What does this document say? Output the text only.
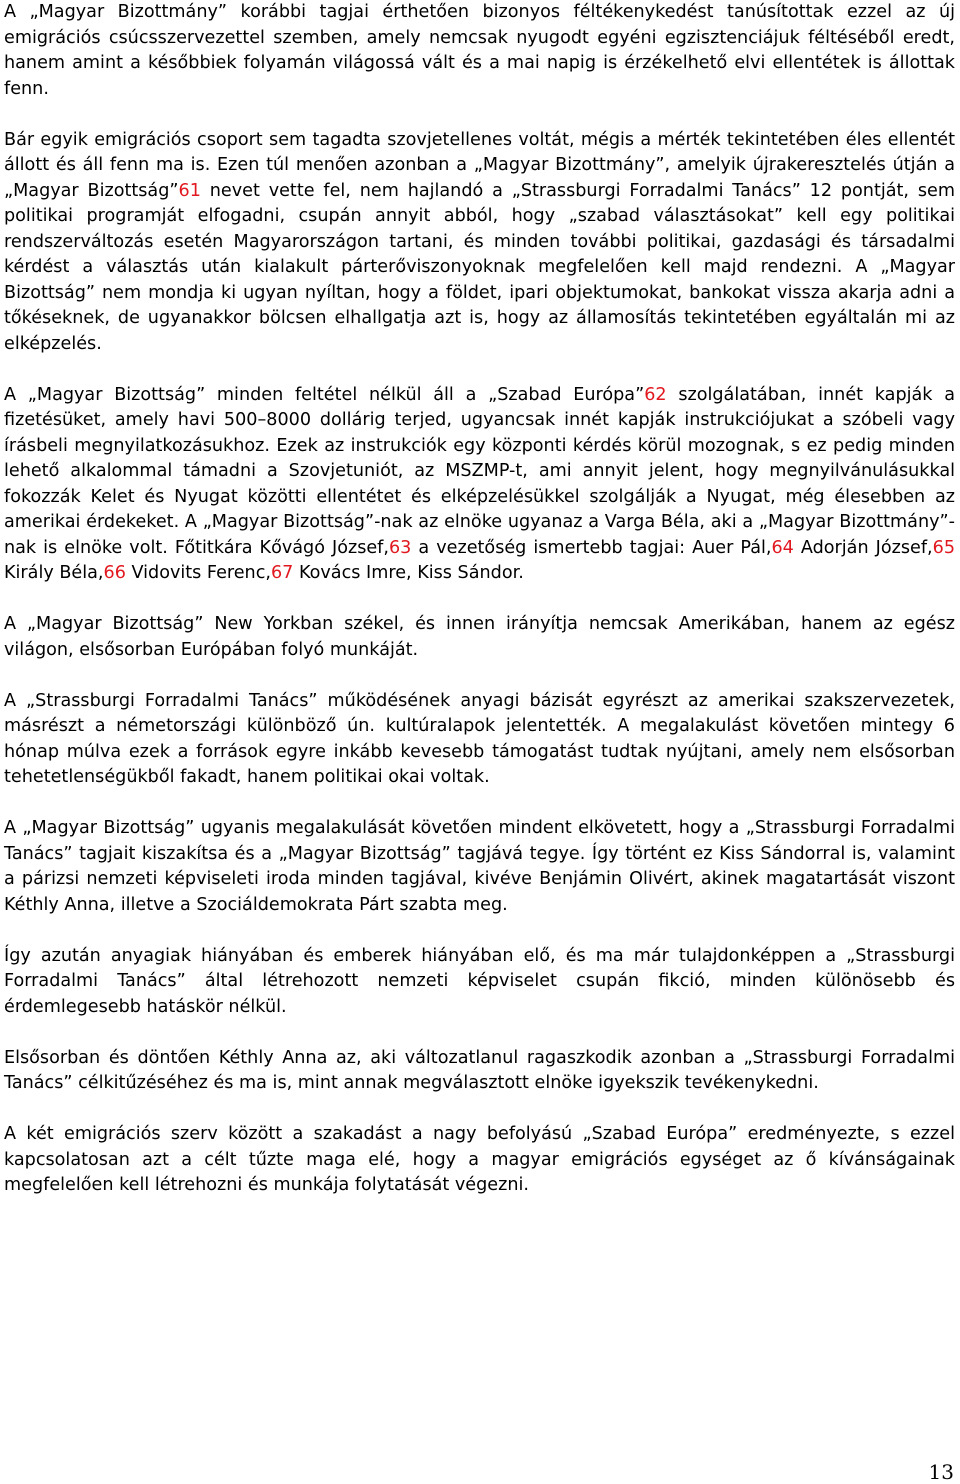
A „Magyar Bizottmány” korábbi tagjai érthetően bizonyos féltékenykedést tanúsítottak ezzel az új emigrációs csúcsszervezettel szemben, amely nemcsak nyugodt egyéni egzisztenciájuk féltéséből eredt, hanem amint a későbbiek folyamán világossá vált és a mai napig is érzékelhető elvi ellentétek is állottak fenn.

Bár egyik emigrációs csoport sem tagadta szovjetellenes voltát, mégis a mérték tekintetében éles ellentét állott és áll fenn ma is. Ezen túl menően azonban a „Magyar Bizottmány”, amelyik újrakeresztelés útján a „Magyar Bizottság”61 nevet vette fel, nem hajlandó a „Strassburgi Forradalmi Tanács” 12 pontját, sem politikai programját elfogadni, csupán annyit abból, hogy „szabad választásokat” kell egy politikai rendszerváltozás esetén Magyarországon tartani, és minden további politikai, gazdasági és társadalmi kérdést a választás után kialakult párterőviszonyoknak megfelelően kell majd rendezni. A „Magyar Bizottság” nem mondja ki ugyan nyíltan, hogy a földet, ipari objektumokat, bankokat vissza akarja adni a tőkéseknek, de ugyanakkor bölcsen elhallgatja azt is, hogy az államosítás tekintetében egyáltalán mi az elképzelés.

A „Magyar Bizottság” minden feltétel nélkül áll a „Szabad Európa”62 szolgálatában, innét kapják a fizetésüket, amely havi 500–8000 dollárig terjed, ugyancsak innét kapják instrukciójukat a szóbeli vagy írásbeli megnyilatkozásukhoz. Ezek az instrukciók egy központi kérdés körül mozognak, s ez pedig minden lehető alkalommal támadni a Szovjetuniót, az MSZMP-t, ami annyit jelent, hogy megnyilvánulásukkal fokozzák Kelet és Nyugat közötti ellentétet és elképzelésükkel szolgálják a Nyugat, még élesebben az amerikai érdekeket. A „Magyar Bizottság”-nak az elnöke ugyanaz a Varga Béla, aki a „Magyar Bizottmány”-nak is elnöke volt. Főtitkára Kővágó József,63 a vezetőség ismertebb tagjai: Auer Pál,64 Adorján József,65 Király Béla,66 Vidovits Ferenc,67 Kovács Imre, Kiss Sándor.

A „Magyar Bizottság” New Yorkban székel, és innen irányítja nemcsak Amerikában, hanem az egész világon, elsősorban Európában folyó munkáját.

A „Strassburgi Forradalmi Tanács” működésének anyagi bázisát egyrészt az amerikai szakszervezetek, másrészt a németországi különböző ún. kultúralapok jelentették. A megalakulást követően mintegy 6 hónap múlva ezek a források egyre inkább kevesebb támogatást tudtak nyújtani, amely nem elsősorban tehetetlenségükből fakadt, hanem politikai okai voltak.

A „Magyar Bizottság” ugyanis megalakulását követően mindent elkövetett, hogy a „Strassburgi Forradalmi Tanács” tagjait kiszakítsa és a „Magyar Bizottság” tagjává tegye. Így történt ez Kiss Sándorral is, valamint a párizsi nemzeti képviseleti iroda minden tagjával, kivéve Benjámin Olivért, akinek magatartását viszont Kéthly Anna, illetve a Szociáldemokrata Párt szabta meg.

Így azután anyagiak hiányában és emberek hiányában elő, és ma már tulajdonképpen a „Strassburgi Forradalmi Tanács” által létrehozott nemzeti képviselet csupán fikció, minden különösebb és érdemlegesebb hatáskör nélkül.

Elsősorban és döntően Kéthly Anna az, aki változatlanul ragaszkodik azonban a „Strassburgi Forradalmi Tanács” célkitűzéséhez és ma is, mint annak megválasztott elnöke igyekszik tevékenykedni.

A két emigrációs szerv között a szakadást a nagy befolyású „Szabad Európa” eredményezte, s ezzel kapcsolatosan azt a célt tűzte maga elé, hogy a magyar emigrációs egységet az ő kívánságainak megfelelően kell létrehozni és munkája folytatását végezni.

13
